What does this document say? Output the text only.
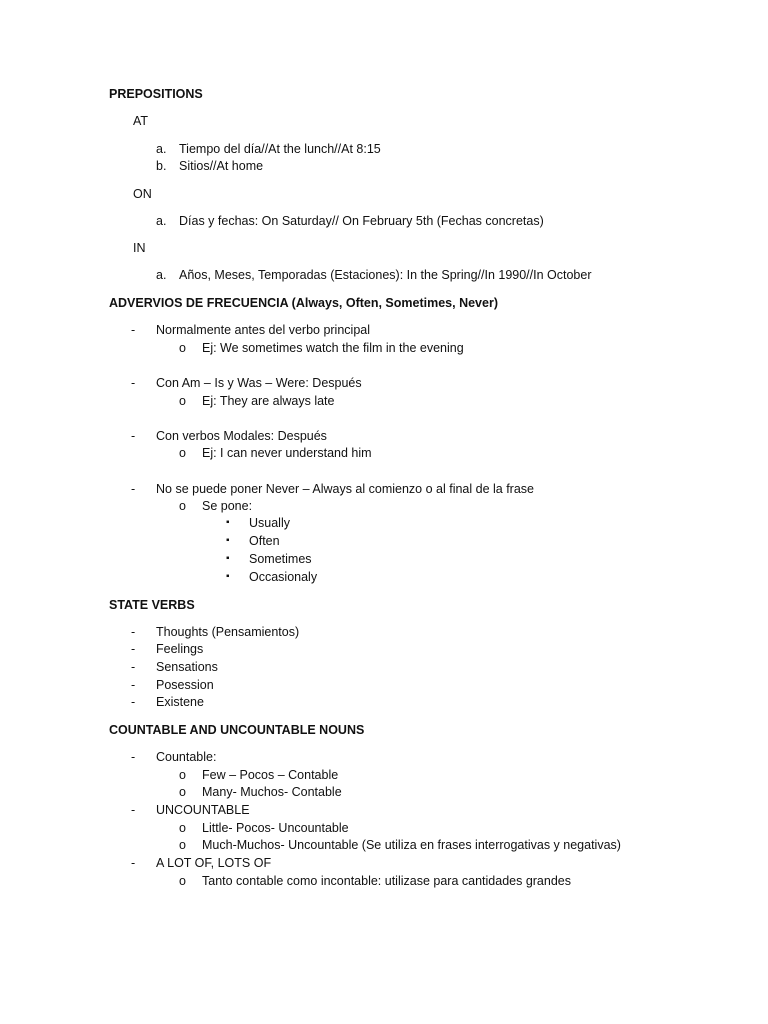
PREPOSITIONS
AT
a. Tiempo del día//At the lunch//At 8:15
b. Sitios//At home
ON
a. Días y fechas: On Saturday// On February 5th (Fechas concretas)
IN
a. Años, Meses, Temporadas (Estaciones): In the Spring//In 1990//In October
ADVERVIOS DE FRECUENCIA (Always, Often, Sometimes, Never)
- Normalmente antes del verbo principal
o Ej: We sometimes watch the film in the evening
- Con Am – Is y Was – Were: Después
o Ej: They are always late
- Con verbos Modales: Después
o Ej: I can never understand him
- No se puede poner Never – Always al comienzo o al final de la frase
o Se pone:
▪ Usually
▪ Often
▪ Sometimes
▪ Occasionaly
STATE VERBS
- Thoughts (Pensamientos)
- Feelings
- Sensations
- Posession
- Existene
COUNTABLE AND UNCOUNTABLE NOUNS
- Countable:
o Few – Pocos – Contable
o Many- Muchos- Contable
- UNCOUNTABLE
o Little- Pocos- Uncountable
o Much-Muchos- Uncountable (Se utiliza en frases interrogativas y negativas)
- A LOT OF, LOTS OF
o Tanto contable como incontable: utilizase para cantidades grandes
